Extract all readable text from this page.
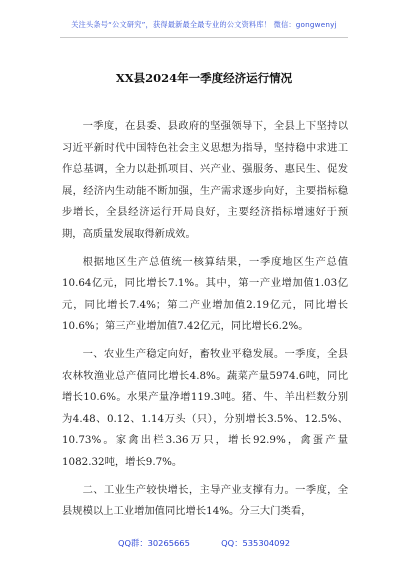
关注头条号“公文研究”，获得最新最全最专业的公文资料库！ 微信：gongwenyj
XX县2024年一季度经济运行情况

一季度，在县委、县政府的坚强领导下，全县上下坚持以习近平新时代中国特色社会主义思想为指导，坚持稳中求进工作总基调，全力以赴抓项目、兴产业、强服务、惠民生、促发展，经济内生动能不断加强，生产需求逐步向好，主要指标稳步增长，全县经济运行开局良好，主要经济指标增速好于预期，高质量发展取得新成效。

根据地区生产总值统一核算结果，一季度地区生产总值10.64亿元，同比增长7.1%。其中，第一产业增加值1.03亿元，同比增长7.4%；第二产业增加值2.19亿元，同比增长10.6%；第三产业增加值7.42亿元，同比增长6.2%。

一、农业生产稳定向好，畜牧业平稳发展。一季度，全县农林牧渔业总产值同比增长4.8%。蔬菜产量5974.6吨，同比增长10.6%。水果产量净增119.3吨。猪、牛、羊出栏数分别为4.48、0.12、1.14万头（只），分别增长3.5%、12.5%、10.73%。家禽出栏3.36万只，增长92.9%，禽蛋产量1082.32吨，增长9.7%。

二、工业生产较快增长，主导产业支撑有力。一季度，全县规模以上工业增加值同比增长14%。分三大门类看，

QQ群：30265665	QQ：535304092
